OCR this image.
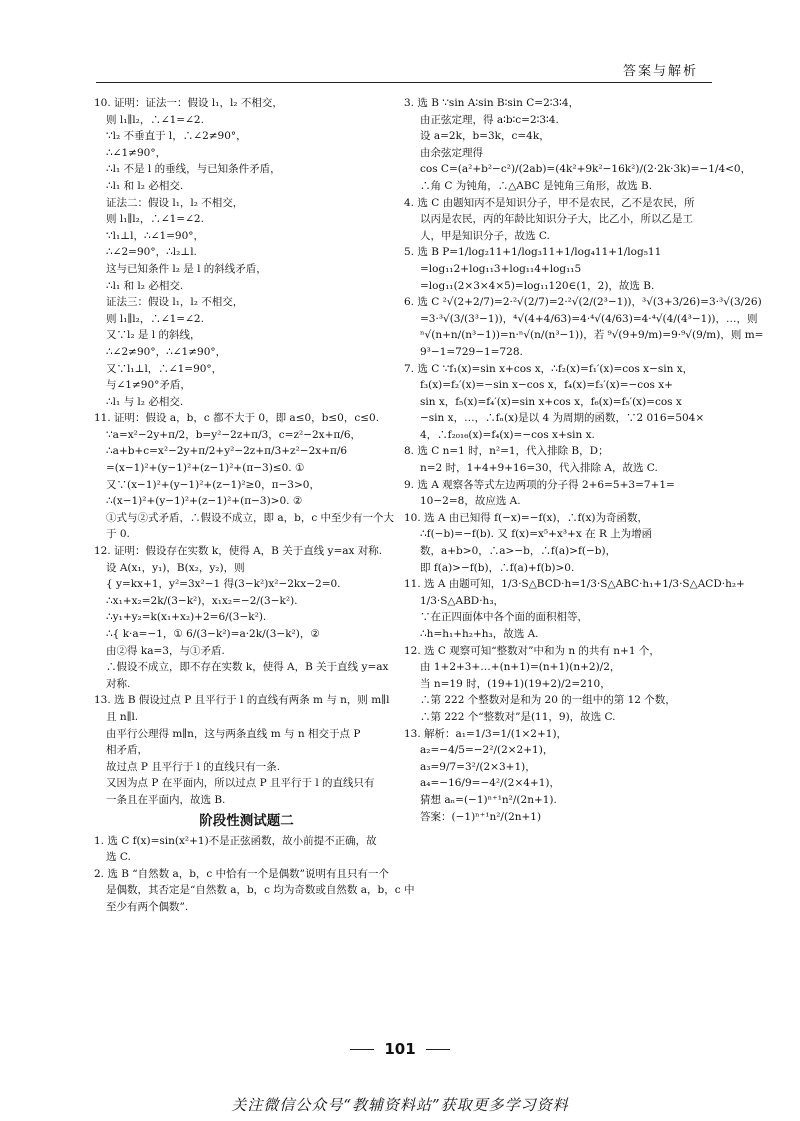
答案与解析
10. 证明：证法一：假设 l₁，l₂ 不相交，
则 l₁∥l₂，∴∠1=∠2.
∵l₂ 不垂直于 l，∴∠2≠90°，
∴∠1≠90°，
∴l₁ 不是 l 的垂线，与已知条件矛盾，
∴l₁ 和 l₂ 必相交.
证法二：假设 l₁，l₂ 不相交，
则 l₁∥l₂，∴∠1=∠2.
∵l₁⊥l，∴∠1=90°，
∴∠2=90°，∴l₂⊥l.
这与已知条件 l₂ 是 l 的斜线矛盾，
∴l₁ 和 l₂ 必相交.
证法三：假设 l₁，l₂ 不相交，
则 l₁∥l₂，∴∠1=∠2.
又∵l₂ 是 l 的斜线，
∴∠2≠90°，∴∠1≠90°，
又∵l₁⊥l，∴∠1=90°，
与∠1≠90°矛盾，
∴l₁ 与 l₂ 必相交.
11. 证明：假设 a，b，c 都不大于 0，即 a≤0，b≤0，c≤0.
∵a=x²−2y+π/2，b=y²−2z+π/3，c=z²−2x+π/6，
∴a+b+c=x²−2y+π/2+y²−2z+π/3+z²−2x+π/6
=(x−1)²+(y−1)²+(z−1)²+(π−3)≤0. ①
又∵(x−1)²+(y−1)²+(z−1)²≥0，π−3>0，
∴(x−1)²+(y−1)²+(z−1)²+(π−3)>0. ②
①式与②式矛盾，∴假设不成立，即 a，b，c 中至少有一个大
于 0.
12. 证明：假设存在实数 k，使得 A，B 关于直线 y=ax 对称.
设 A(x₁，y₁)，B(x₂，y₂)，则
{ y=kx+1，y²=3x²−1 得(3−k²)x²−2kx−2=0.
∴x₁+x₂=2k/(3−k²)，x₁x₂=−2/(3−k²).
∴y₁+y₂=k(x₁+x₂)+2=6/(3−k²).
∴{ k·a=−1，① 6/(3−k²)=a·2k/(3−k²)，②
由②得 ka=3，与①矛盾.
∴假设不成立，即不存在实数 k，使得 A，B 关于直线 y=ax
对称.
13. 选 B 假设过点 P 且平行于 l 的直线有两条 m 与 n，则 m∥l
且 n∥l.
由平行公理得 m∥n，这与两条直线 m 与 n 相交于点 P
相矛盾，
故过点 P 且平行于 l 的直线只有一条.
又因为点 P 在平面内，所以过点 P 且平行于 l 的直线只有
一条且在平面内，故选 B.
阶段性测试题二
1. 选 C f(x)=sin(x²+1)不是正弦函数，故小前提不正确，故
选 C.
2. 选 B “自然数 a，b，c 中恰有一个是偶数”说明有且只有一个
是偶数，其否定是“自然数 a，b，c 均为奇数或自然数 a，b，c 中
至少有两个偶数”.
3. 选 B ∵sin A∶sin B∶sin C=2∶3∶4，
由正弦定理，得 a∶b∶c=2∶3∶4.
设 a=2k，b=3k，c=4k，
由余弦定理得
cos C=(a²+b²−c²)/(2ab)=(4k²+9k²−16k²)/(2·2k·3k)=−1/4<0，
∴角 C 为钝角，∴△ABC 是钝角三角形，故选 B.
4. 选 C 由题知丙不是知识分子，甲不是农民，乙不是农民，所
以丙是农民，丙的年龄比知识分子大，比乙小，所以乙是工
人，甲是知识分子，故选 C.
5. 选 B P=1/log₂11+1/log₃11+1/log₄11+1/log₅11
=log₁₁2+log₁₁3+log₁₁4+log₁₁5
=log₁₁(2×3×4×5)=log₁₁120∈(1，2)，故选 B.
6. 选 C ²√(2+2/7)=2·²√(2/7)=2·²√(2/(2³−1))，³√(3+3/26)=3·³√(3/26)
=3·³√(3/(3³−1))，⁴√(4+4/63)=4·⁴√(4/63)=4·⁴√(4/(4³−1))，…，则
ⁿ√(n+n/(n³−1))=n·ⁿ√(n/(n³−1))，若 ⁹√(9+9/m)=9·⁹√(9/m)，则 m=
9³−1=729−1=728.
7. 选 C ∵f₁(x)=sin x+cos x，∴f₂(x)=f₁′(x)=cos x−sin x，
f₃(x)=f₂′(x)=−sin x−cos x，f₄(x)=f₃′(x)=−cos x+
sin x，f₅(x)=f₄′(x)=sin x+cos x，f₆(x)=f₅′(x)=cos x
−sin x，…，∴fₙ(x)是以 4 为周期的函数，∵2 016=504×
4，∴f₂₀₁₆(x)=f₄(x)=−cos x+sin x.
8. 选 C n=1 时，n²=1，代入排除 B，D；
n=2 时，1+4+9+16=30，代入排除 A，故选 C.
9. 选 A 观察各等式左边两项的分子得 2+6=5+3=7+1=
10−2=8，故应选 A.
10. 选 A 由已知得 f(−x)=−f(x)，∴f(x)为奇函数，
∴f(−b)=−f(b). 又 f(x)=x⁵+x³+x 在 R 上为增函
数，a+b>0，∴a>−b，∴f(a)>f(−b)，
即 f(a)>−f(b)，∴f(a)+f(b)>0.
11. 选 A 由题可知，1/3·S△BCD·h=1/3·S△ABC·h₁+1/3·S△ACD·h₂+
1/3·S△ABD·h₃，
∵在正四面体中各个面的面积相等，
∴h=h₁+h₂+h₃，故选 A.
12. 选 C 观察可知“整数对”中和为 n 的共有 n+1 个，
由 1+2+3+…+(n+1)=(n+1)(n+2)/2，
当 n=19 时，(19+1)(19+2)/2=210，
∴第 222 个整数对是和为 20 的一组中的第 12 个数，
∴第 222 个“整数对”是(11，9)，故选 C.
13. 解析：a₁=1/3=1/(1×2+1)，
a₂=−4/5=−2²/(2×2+1)，
a₃=9/7=3²/(2×3+1)，
a₄=−16/9=−4²/(2×4+1)，
猜想 aₙ=(−1)ⁿ⁺¹n²/(2n+1).
答案：(−1)ⁿ⁺¹n²/(2n+1)
101
关注微信公众号“教辅资料站”获取更多学习资料
